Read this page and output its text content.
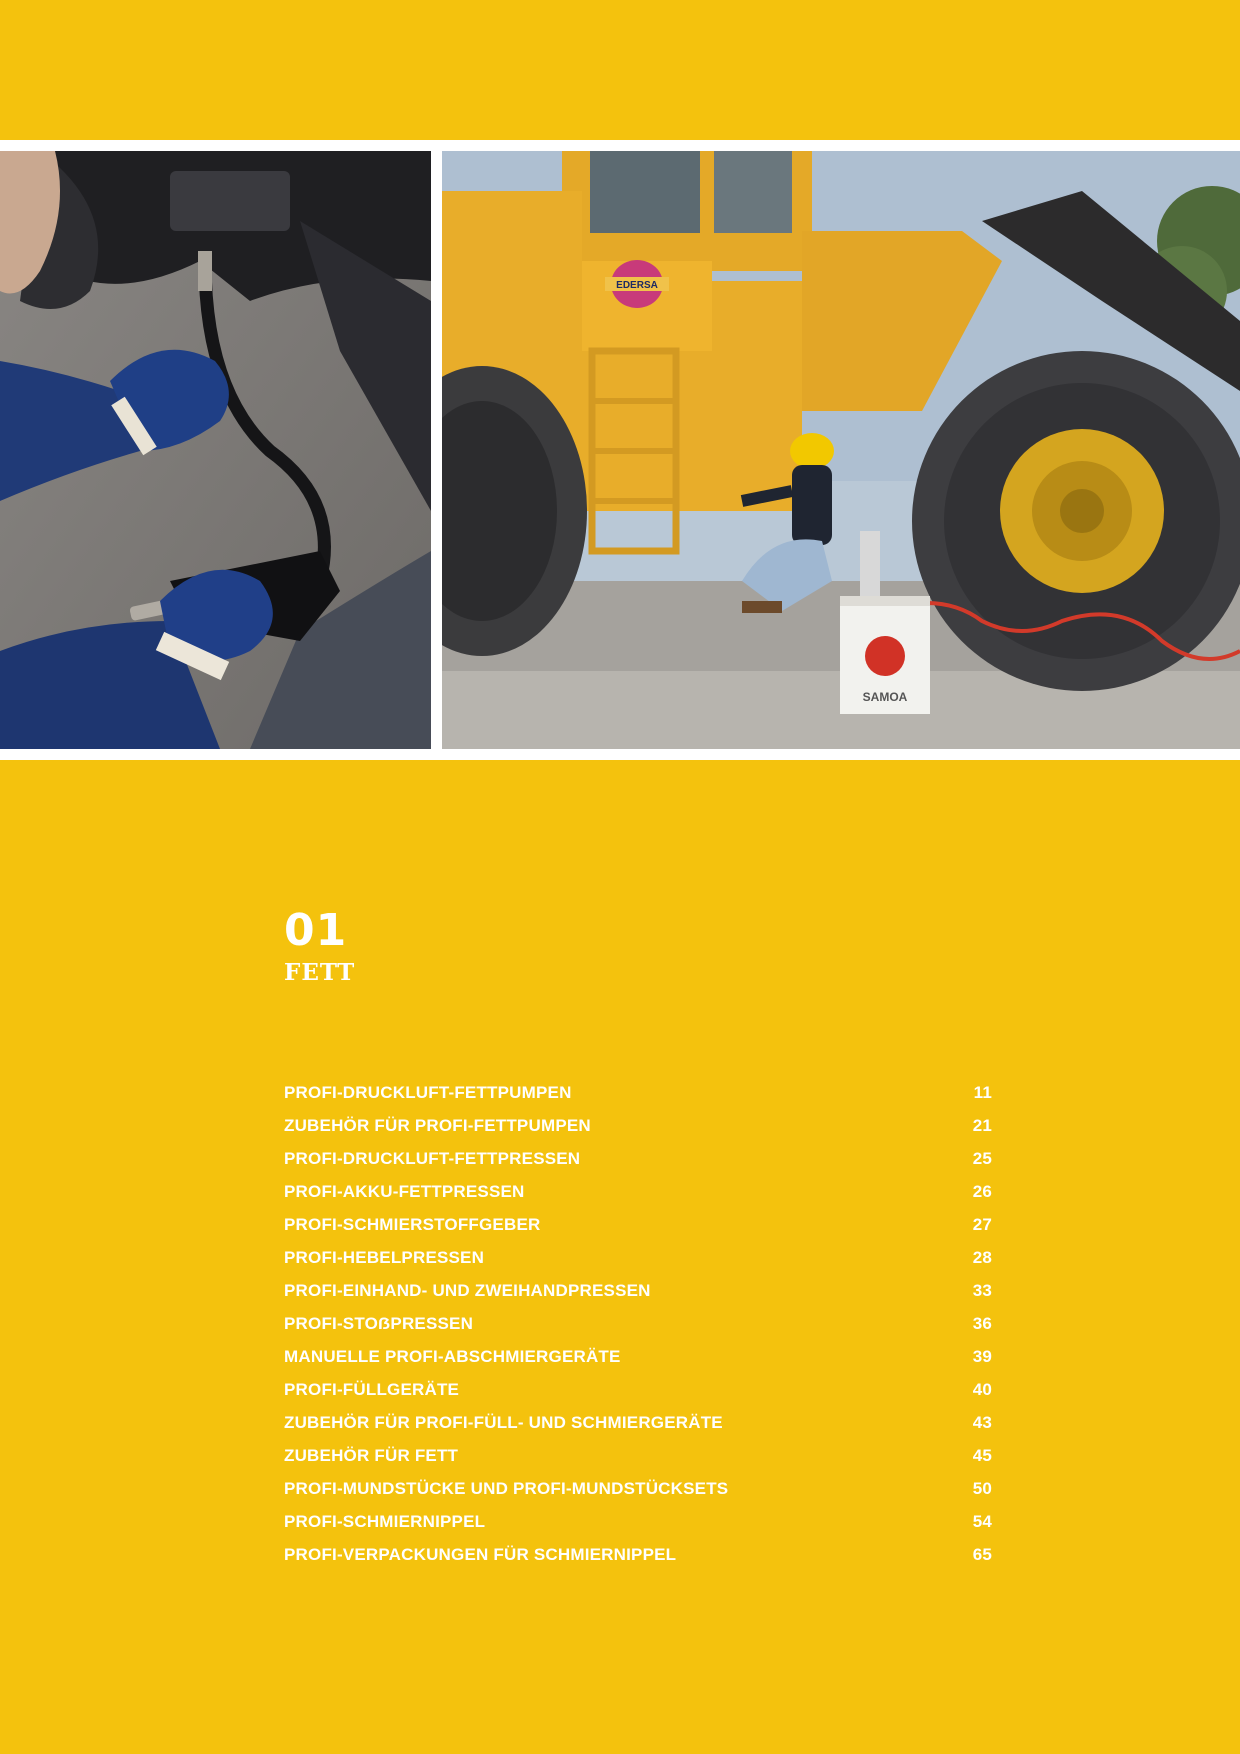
EDERSA
SAMOA
01
FETT
PROFI-DRUCKLUFT-FETTPUMPEN	11
ZUBEHÖR FÜR PROFI-FETTPUMPEN	21
PROFI-DRUCKLUFT-FETTPRESSEN	25
PROFI-AKKU-FETTPRESSEN	26
PROFI-SCHMIERSTOFFGEBER	27
PROFI-HEBELPRESSEN	28
PROFI-EINHAND- UND ZWEIHANDPRESSEN	33
PROFI-STOẞPRESSEN	36
MANUELLE PROFI-ABSCHMIERGERÄTE	39
PROFI-FÜLLGERÄTE	40
ZUBEHÖR FÜR PROFI-FÜLL- UND SCHMIERGERÄTE	43
ZUBEHÖR FÜR FETT	45
PROFI-MUNDSTÜCKE UND PROFI-MUNDSTÜCKSETS	50
PROFI-SCHMIERNIPPEL	54
PROFI-VERPACKUNGEN FÜR SCHMIERNIPPEL	65
